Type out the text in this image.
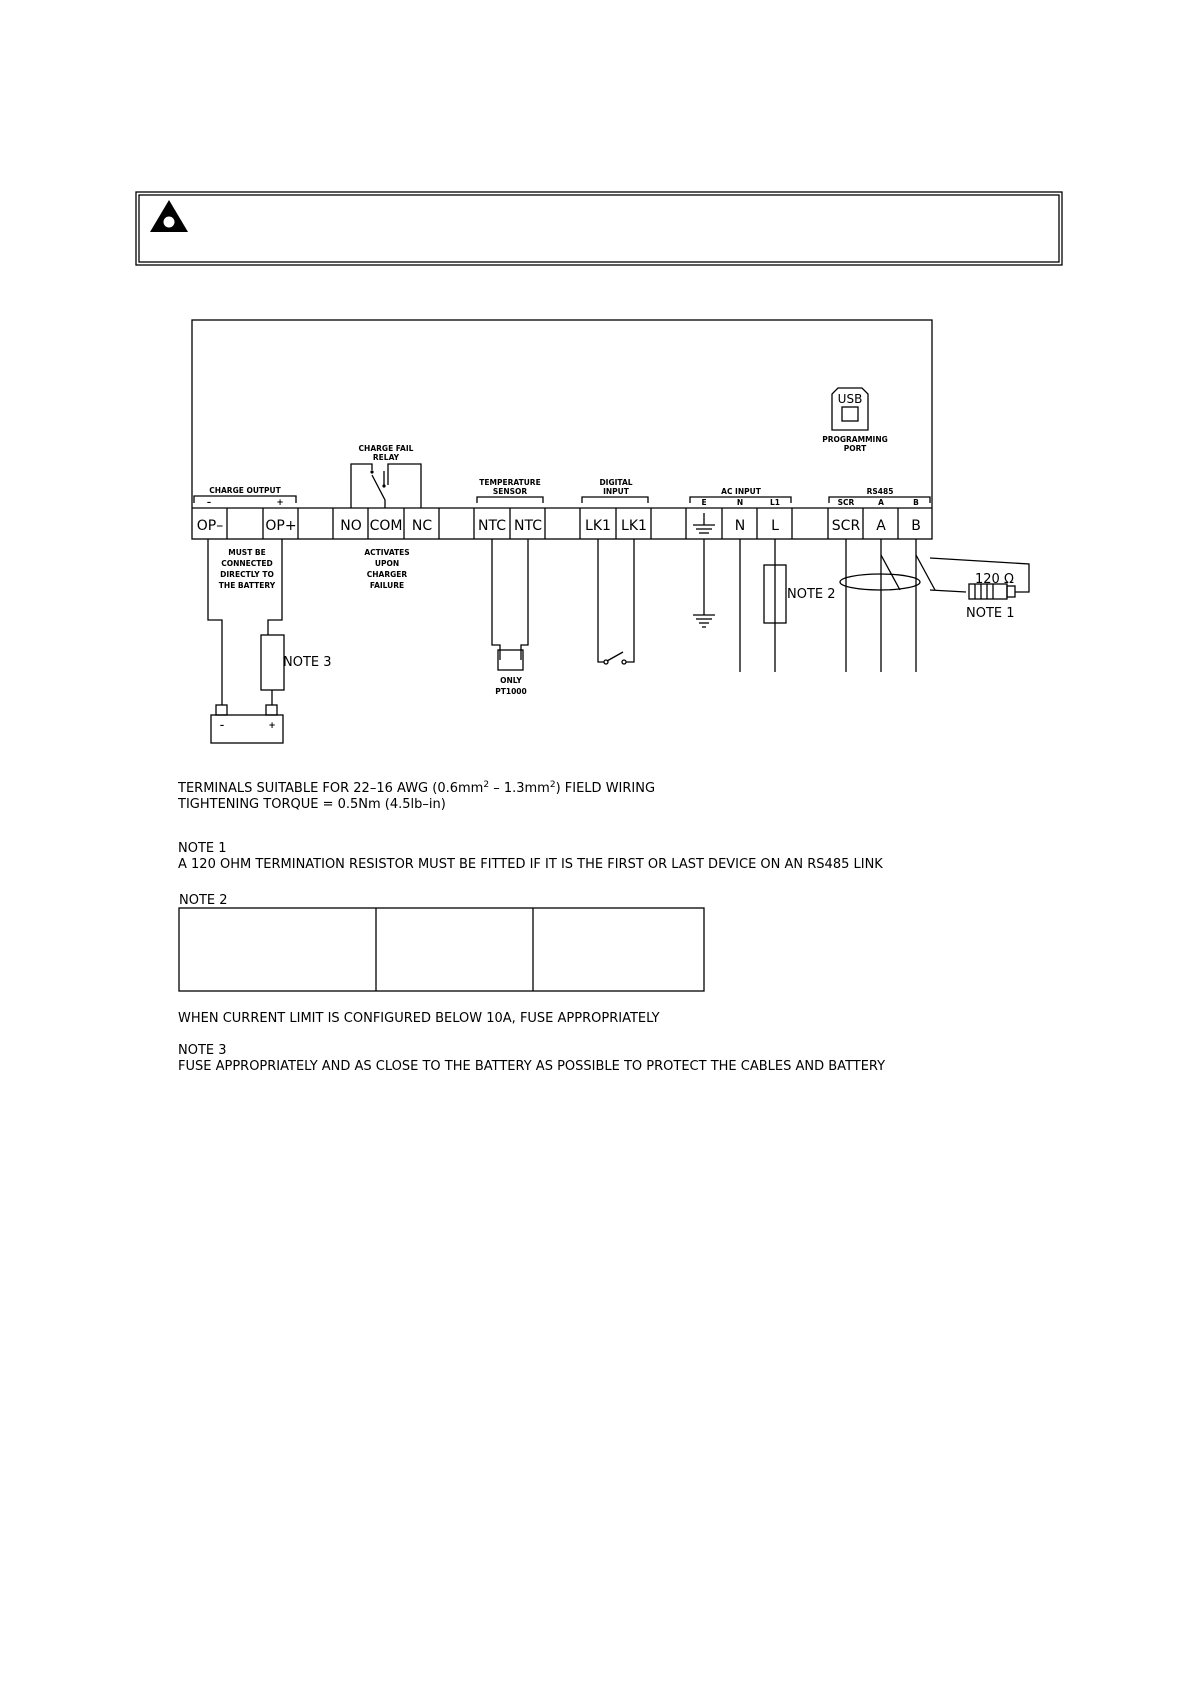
USB
PROGRAMMING
PORT
CHARGE OUTPUT
–	+
CHARGE FAIL
RELAY
TEMPERATURE
SENSOR
DIGITAL
INPUT	AC INPUT
E	N	L1
RS485
SCR	A	B
OP–	OP+	NO COM NC	NTC NTC	LK1 LK1	N L	SCR A B
MUST BE
CONNECTED
DIRECTLY TO
THE BATTERY
NOTE 3
–	+
ACTIVATES
UPON
CHARGER
FAILURE
ONLY
PT1000
NOTE 2
120 Ω
NOTE 1
TERMINALS SUITABLE FOR 22–16 AWG $(0.6mm^2 - 1.3mm^2)$ FIELD WIRING
TIGHTENING TORQUE = 0.5Nm (4.5lb–in)
NOTE 1
A 120 OHM TERMINATION RESISTOR MUST BE FITTED IF IT IS THE FIRST OR LAST DEVICE ON AN RS485 LINK
NOTE 2
WHEN CURRENT LIMIT IS CONFIGURED BELOW 10A, FUSE APPROPRIATELY
NOTE 3
FUSE APPROPRIATELY AND AS CLOSE TO THE BATTERY AS POSSIBLE TO PROTECT THE CABLES AND BATTERY
